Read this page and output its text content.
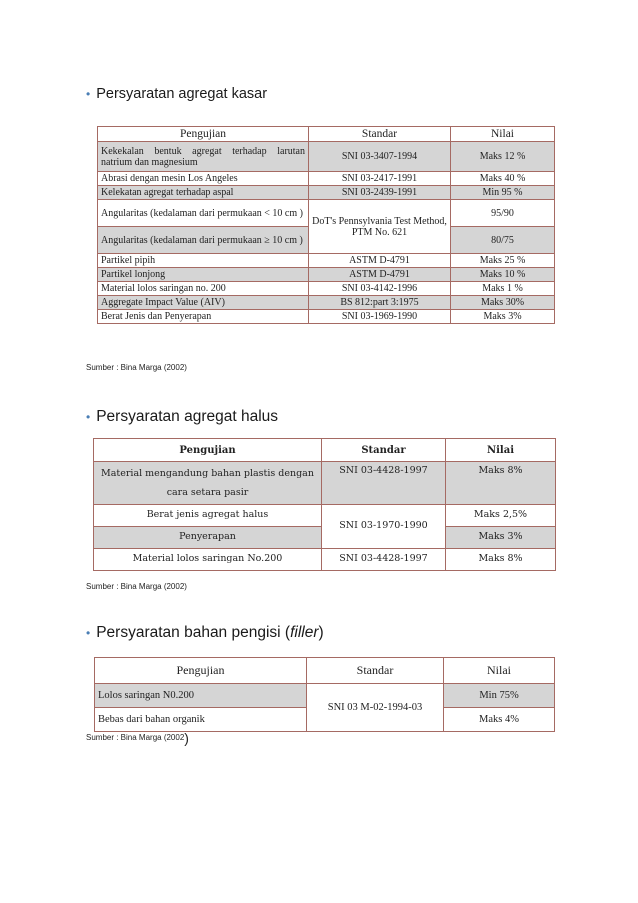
• Persyaratan agregat kasar
Pengujian	Standar	Nilai
Kekekalan bentuk agregat terhadap larutan natrium dan magnesium	SNI 03-3407-1994	Maks 12 %
Abrasi dengan mesin Los Angeles	SNI 03-2417-1991	Maks 40 %
Kelekatan agregat terhadap aspal	SNI 03-2439-1991	Min 95 %
Angularitas (kedalaman dari permukaan < 10 cm )	DoT's Pennsylvania Test Method, PTM No. 621	95/90
Angularitas (kedalaman dari permukaan ≥ 10 cm )		80/75
Partikel pipih	ASTM D-4791	Maks 25 %
Partikel lonjong	ASTM D-4791	Maks 10 %
Material lolos saringan no. 200	SNI 03-4142-1996	Maks 1 %
Aggregate Impact Value (AIV)	BS 812:part 3:1975	Maks 30%
Berat Jenis dan Penyerapan	SNI 03-1969-1990	Maks 3%
Sumber : Bina Marga (2002)
• Persyaratan agregat halus
Pengujian	Standar	Nilai
Material mengandung bahan plastis dengan cara setara pasir	SNI 03-4428-1997	Maks 8%
Berat jenis agregat halus	SNI 03-1970-1990	Maks 2,5%
Penyerapan		Maks 3%
Material lolos saringan No.200	SNI 03-4428-1997	Maks 8%
Sumber : Bina Marga (2002)
• Persyaratan bahan pengisi (filler)
Pengujian	Standar	Nilai
Lolos saringan N0.200	SNI 03 M-02-1994-03	Min 75%
Bebas dari bahan organik		Maks 4%
Sumber : Bina Marga (2002)
